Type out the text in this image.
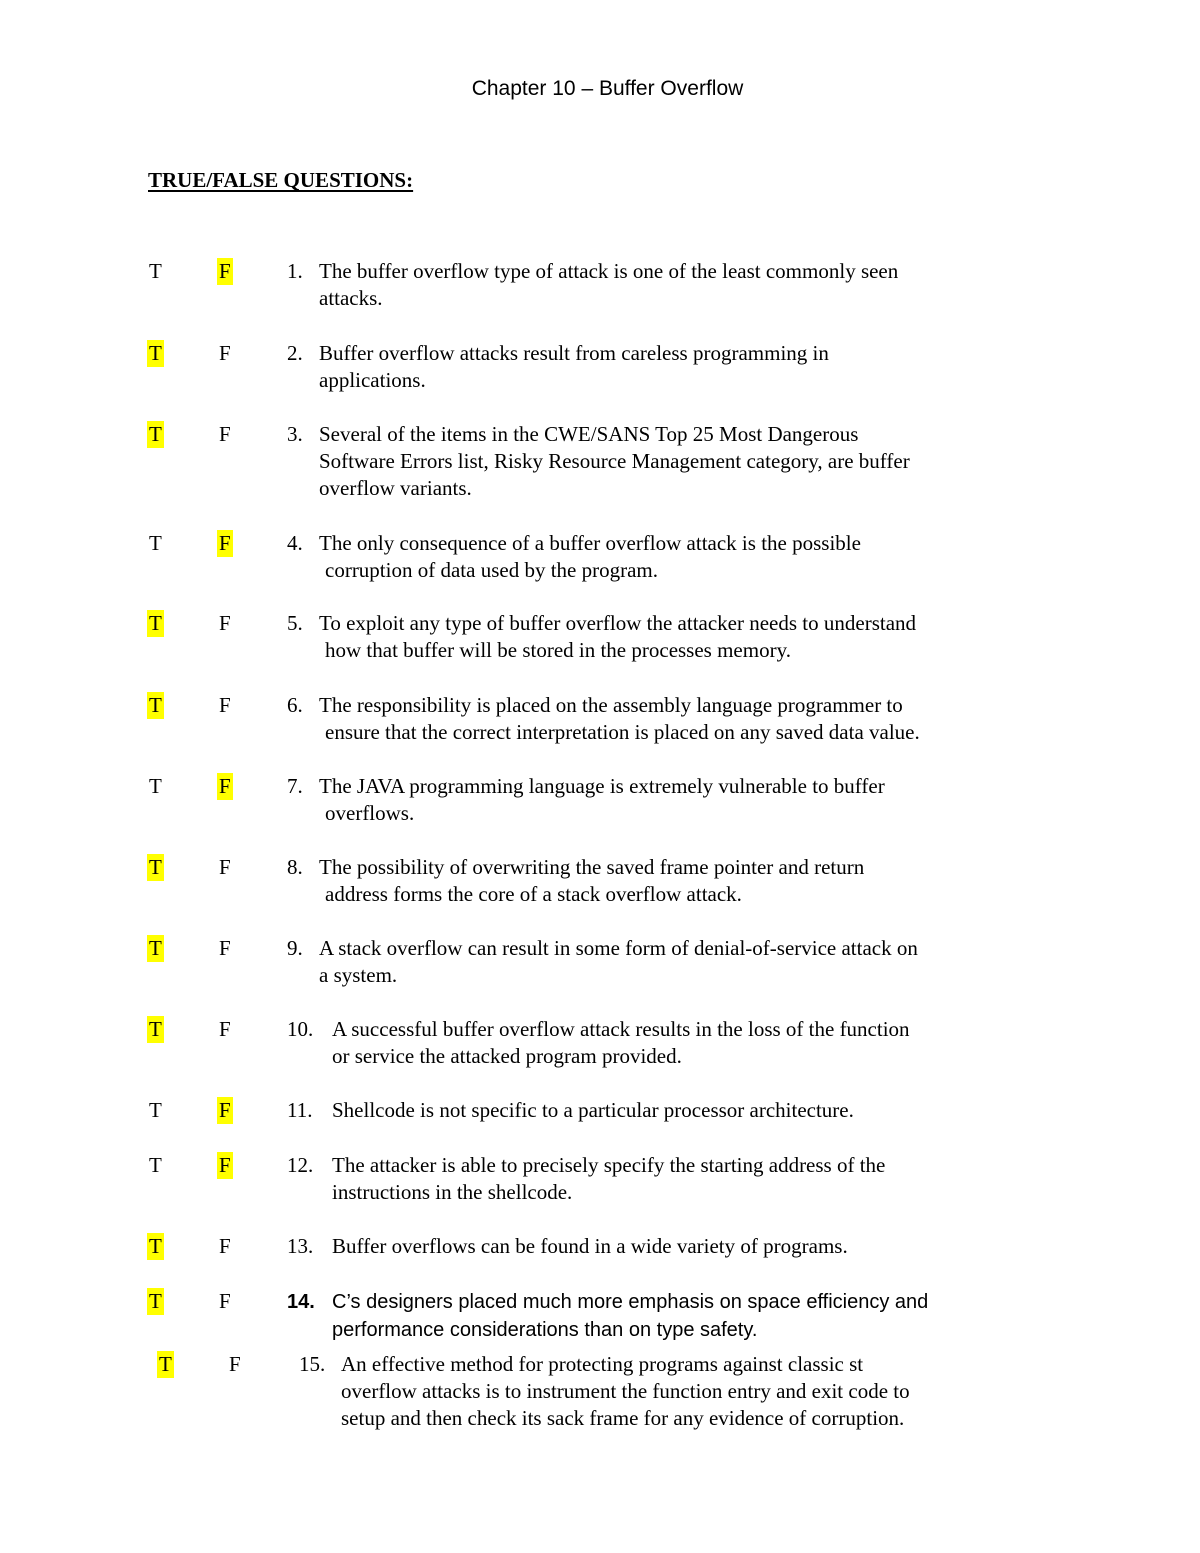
Chapter 10 – Buffer Overflow
TRUE/FALSE QUESTIONS:
T	F	1. The buffer overflow type of attack is one of the least commonly seen
attacks.
T	F	2. Buffer overflow attacks result from careless programming in
applications.
T	F	3. Several of the items in the CWE/SANS Top 25 Most Dangerous
Software Errors list, Risky Resource Management category, are buffer
overflow variants.
T	F	4. The only consequence of a buffer overflow attack is the possible
corruption of data used by the program.
T	F	5. To exploit any type of buffer overflow the attacker needs to understand
how that buffer will be stored in the processes memory.
T	F	6. The responsibility is placed on the assembly language programmer to
ensure that the correct interpretation is placed on any saved data value.
T	F	7. The JAVA programming language is extremely vulnerable to buffer
overflows.
T	F	8. The possibility of overwriting the saved frame pointer and return
address forms the core of a stack overflow attack.
T	F	9. A stack overflow can result in some form of denial-of-service attack on
a system.
T	F	10. A successful buffer overflow attack results in the loss of the function
or service the attacked program provided.
T	F	11. Shellcode is not specific to a particular processor architecture.
T	F	12. The attacker is able to precisely specify the starting address of the
instructions in the shellcode.
T	F	13. Buffer overflows can be found in a wide variety of programs.
T	F	14. C’s designers placed much more emphasis on space efficiency and
performance considerations than on type safety.
T	F	15. An effective method for protecting programs against classic st
overflow attacks is to instrument the function entry and exit code to
setup and then check its sack frame for any evidence of corruption.
